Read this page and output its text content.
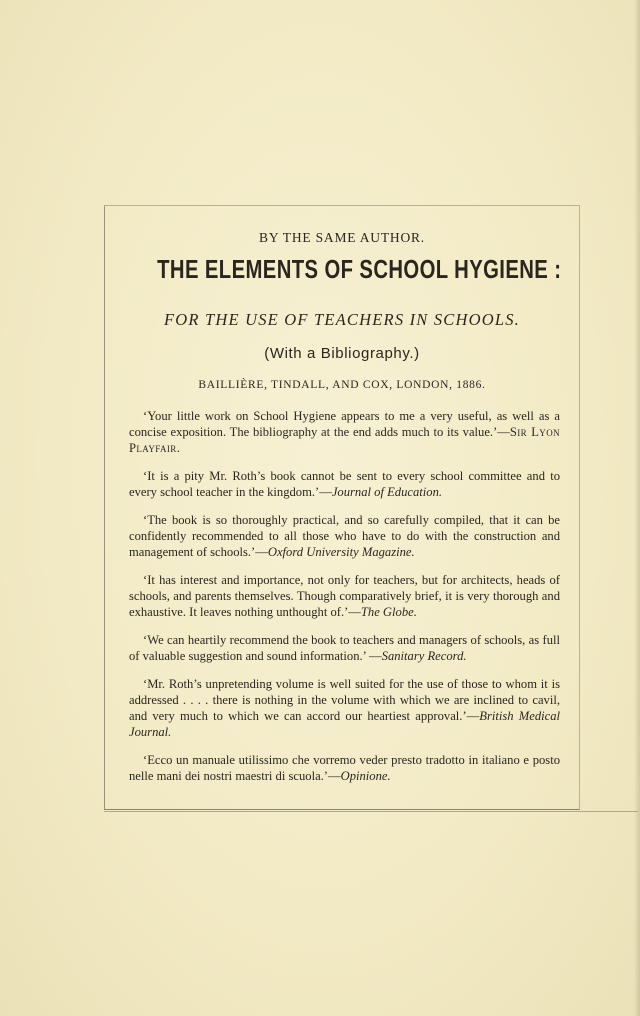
BY THE SAME AUTHOR.
THE ELEMENTS OF SCHOOL HYGIENE :
FOR THE USE OF TEACHERS IN SCHOOLS.
(With a Bibliography.)
BAILLIÈRE, TINDALL, AND COX, LONDON, 1886.

‘Your little work on School Hygiene appears to me a very useful, as well as a concise exposition. The bibliography at the end adds much to its value.’—Sir Lyon Playfair.

‘It is a pity Mr. Roth’s book cannot be sent to every school committee and to every school teacher in the kingdom.’—Journal of Education.

‘The book is so thoroughly practical, and so carefully compiled, that it can be confidently recommended to all those who have to do with the construction and management of schools.’—Oxford University Magazine.

‘It has interest and importance, not only for teachers, but for architects, heads of schools, and parents themselves. Though comparatively brief, it is very thorough and exhaustive. It leaves nothing unthought of.’—The Globe.

‘We can heartily recommend the book to teachers and managers of schools, as full of valuable suggestion and sound information.’ —Sanitary Record.

‘Mr. Roth’s unpretending volume is well suited for the use of those to whom it is addressed . . . . there is nothing in the volume with which we are inclined to cavil, and very much to which we can accord our heartiest approval.’—British Medical Journal.

‘Ecco un manuale utilissimo che vorremo veder presto tradotto in italiano e posto nelle mani dei nostri maestri di scuola.’—Opinione.
